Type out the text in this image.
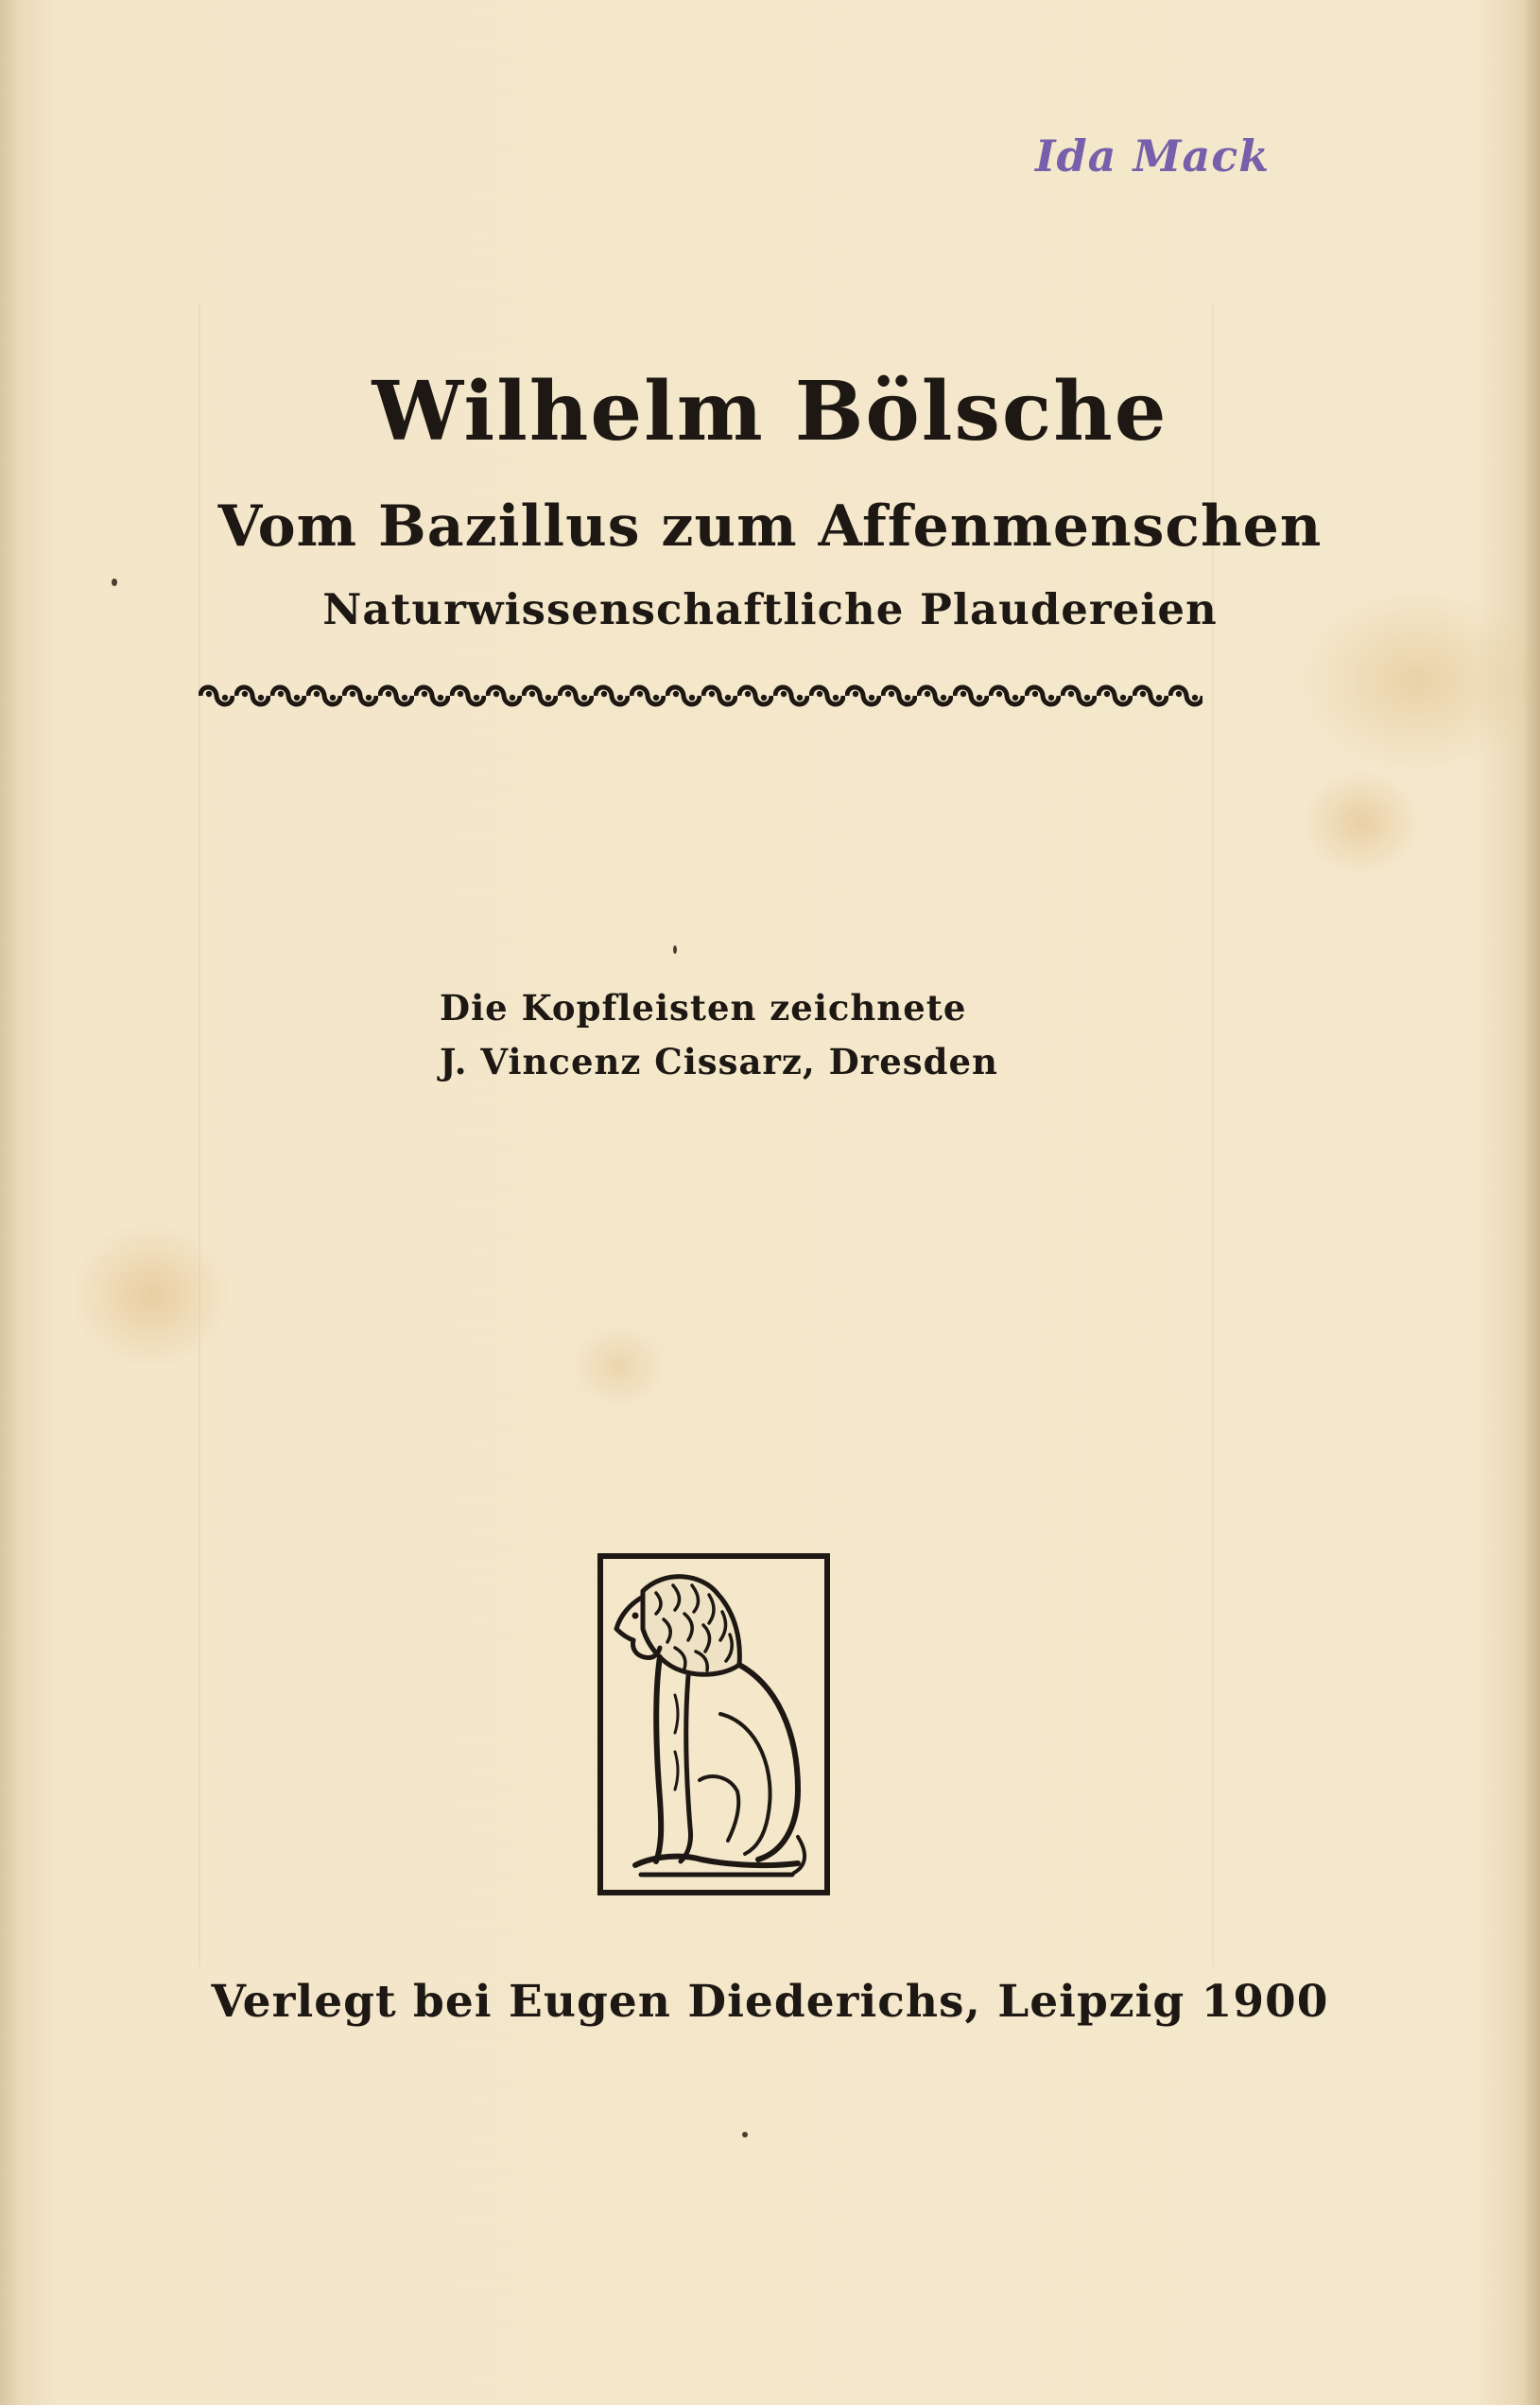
Ida Mack
Wilhelm Bölsche
Vom Bazillus zum Affenmenschen
Naturwissenschaftliche Plaudereien
Die Kopfleisten zeichnete
J. Vincenz Cissarz, Dresden
Verlegt bei Eugen Diederichs, Leipzig 1900
